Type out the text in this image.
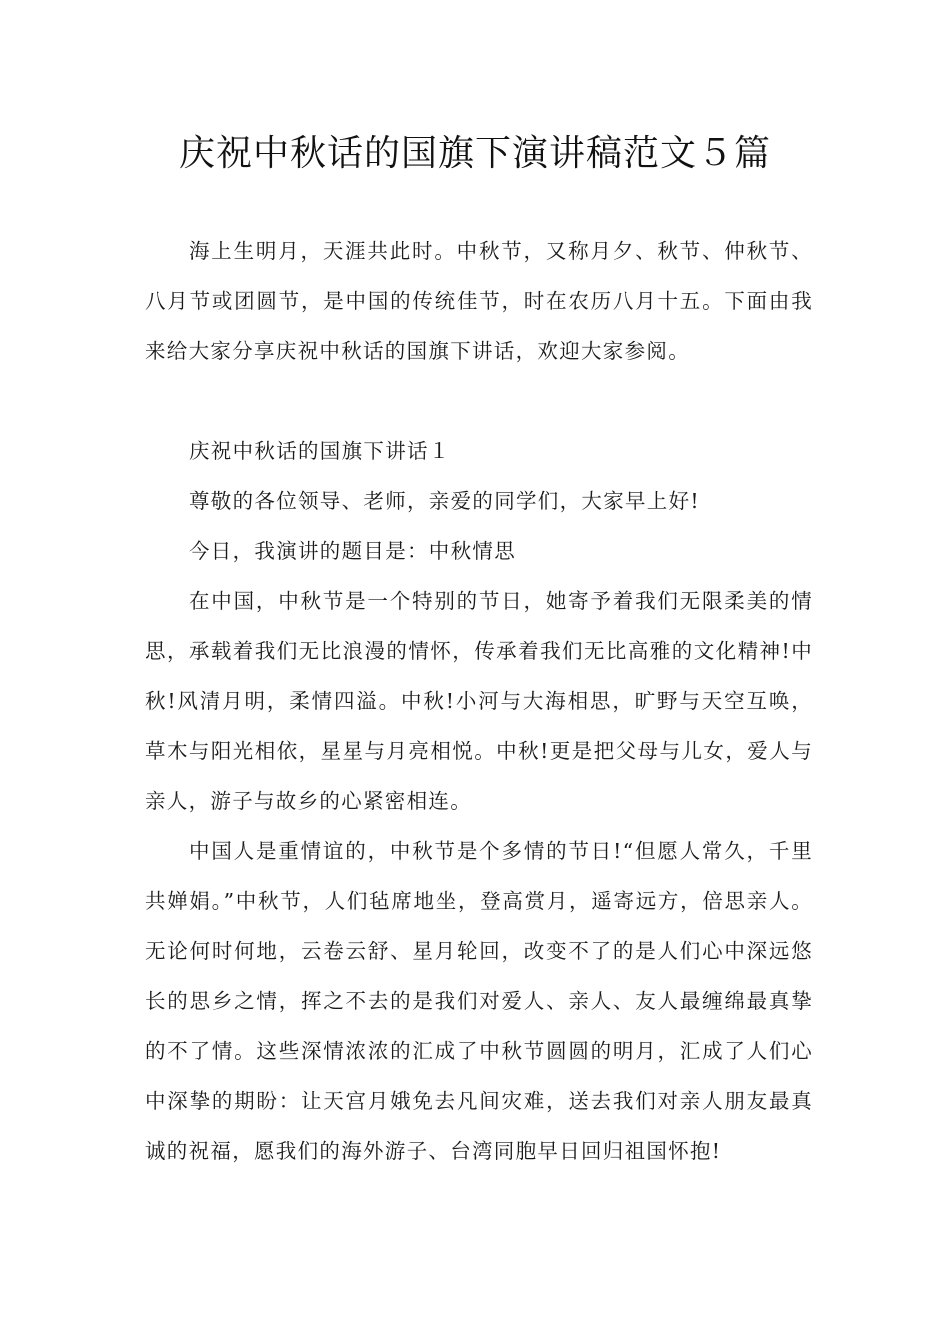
庆祝中秋话的国旗下演讲稿范文５篇

海上生明月，天涯共此时。中秋节，又称月夕、秋节、仲秋节、八月节或团圆节，是中国的传统佳节，时在农历八月十五。下面由我来给大家分享庆祝中秋话的国旗下讲话，欢迎大家参阅。

庆祝中秋话的国旗下讲话１

尊敬的各位领导、老师，亲爱的同学们，大家早上好!

今日，我演讲的题目是：中秋情思

在中国，中秋节是一个特别的节日，她寄予着我们无限柔美的情思，承载着我们无比浪漫的情怀，传承着我们无比高雅的文化精神!中秋!风清月明，柔情四溢。中秋!小河与大海相思，旷野与天空互唤，草木与阳光相依，星星与月亮相悦。中秋!更是把父母与儿女，爱人与亲人，游子与故乡的心紧密相连。

中国人是重情谊的，中秋节是个多情的节日!“但愿人常久，千里共婵娟。”中秋节，人们毡席地坐，登高赏月，遥寄远方，倍思亲人。无论何时何地，云卷云舒、星月轮回，改变不了的是人们心中深远悠长的思乡之情，挥之不去的是我们对爱人、亲人、友人最缠绵最真挚的不了情。这些深情浓浓的汇成了中秋节圆圆的明月，汇成了人们心中深挚的期盼：让天宫月娥免去凡间灾难，送去我们对亲人朋友最真诚的祝福，愿我们的海外游子、台湾同胞早日回归祖国怀抱!
